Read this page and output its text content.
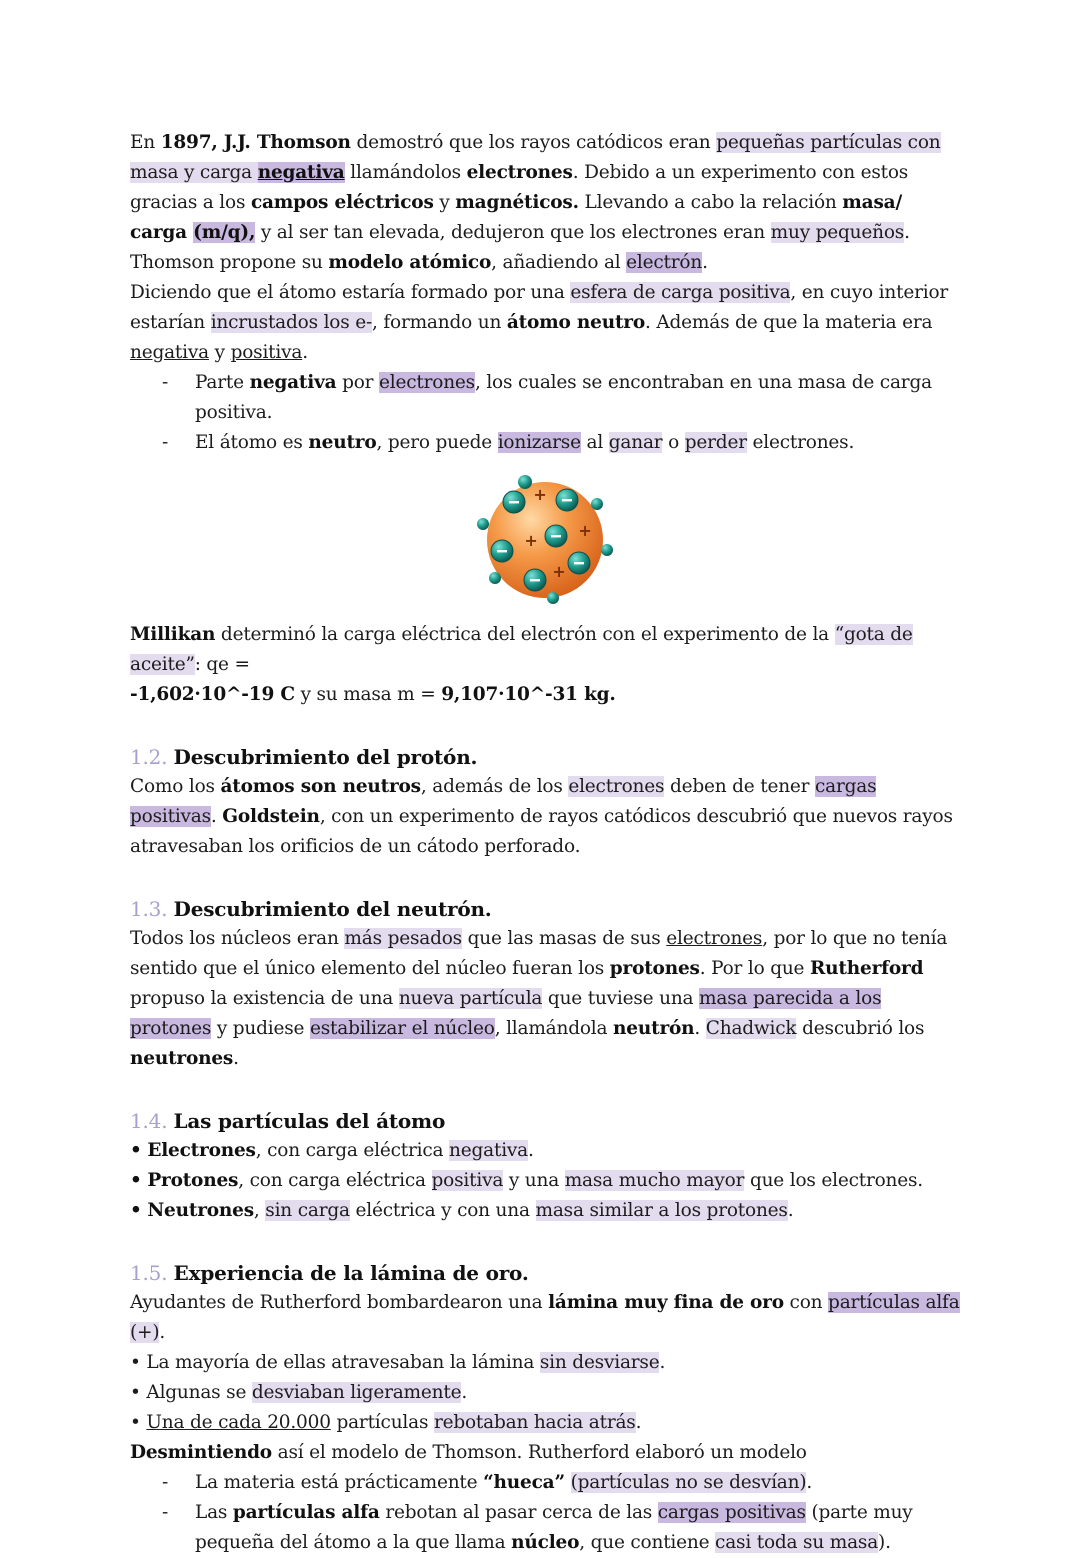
En 1897, J.J. Thomson demostró que los rayos catódicos eran pequeñas partículas con masa y carga negativa llamándolos electrones. Debido a un experimento con estos gracias a los campos eléctricos y magnéticos. Llevando a cabo la relación masa/ carga (m/q), y al ser tan elevada, dedujeron que los electrones eran muy pequeños.

Thomson propone su modelo atómico, añadiendo al electrón.

Diciendo que el átomo estaría formado por una esfera de carga positiva, en cuyo interior estarían incrustados los e-, formando un átomo neutro. Además de que la materia era negativa y positiva.

- Parte negativa por electrones, los cuales se encontraban en una masa de carga positiva.

- El átomo es neutro, pero puede ionizarse al ganar o perder electrones.

+
+
+
+

Millikan determinó la carga eléctrica del electrón con el experimento de la “gota de aceite”: qe =
-1,602·10^-19 C y su masa m = 9,107·10^-31 kg.

1.2. Descubrimiento del protón.

Como los átomos son neutros, además de los electrones deben de tener cargas positivas. Goldstein, con un experimento de rayos catódicos descubrió que nuevos rayos atravesaban los orificios de un cátodo perforado.

1.3. Descubrimiento del neutrón.

Todos los núcleos eran más pesados que las masas de sus electrones, por lo que no tenía sentido que el único elemento del núcleo fueran los protones. Por lo que Rutherford propuso la existencia de una nueva partícula que tuviese una masa parecida a los protones y pudiese estabilizar el núcleo, llamándola neutrón. Chadwick descubrió los neutrones.

1.4. Las partículas del átomo

• Electrones, con carga eléctrica negativa.

• Protones, con carga eléctrica positiva y una masa mucho mayor que los electrones.

• Neutrones, sin carga eléctrica y con una masa similar a los protones.

1.5. Experiencia de la lámina de oro.

Ayudantes de Rutherford bombardearon una lámina muy fina de oro con partículas alfa (+).

• La mayoría de ellas atravesaban la lámina sin desviarse.

• Algunas se desviaban ligeramente.

• Una de cada 20.000 partículas rebotaban hacia atrás.

Desmintiendo así el modelo de Thomson. Rutherford elaboró un modelo

- La materia está prácticamente “hueca” (partículas no se desvían).

- Las partículas alfa rebotan al pasar cerca de las cargas positivas (parte muy pequeña del átomo a la que llama núcleo, que contiene casi toda su masa).
